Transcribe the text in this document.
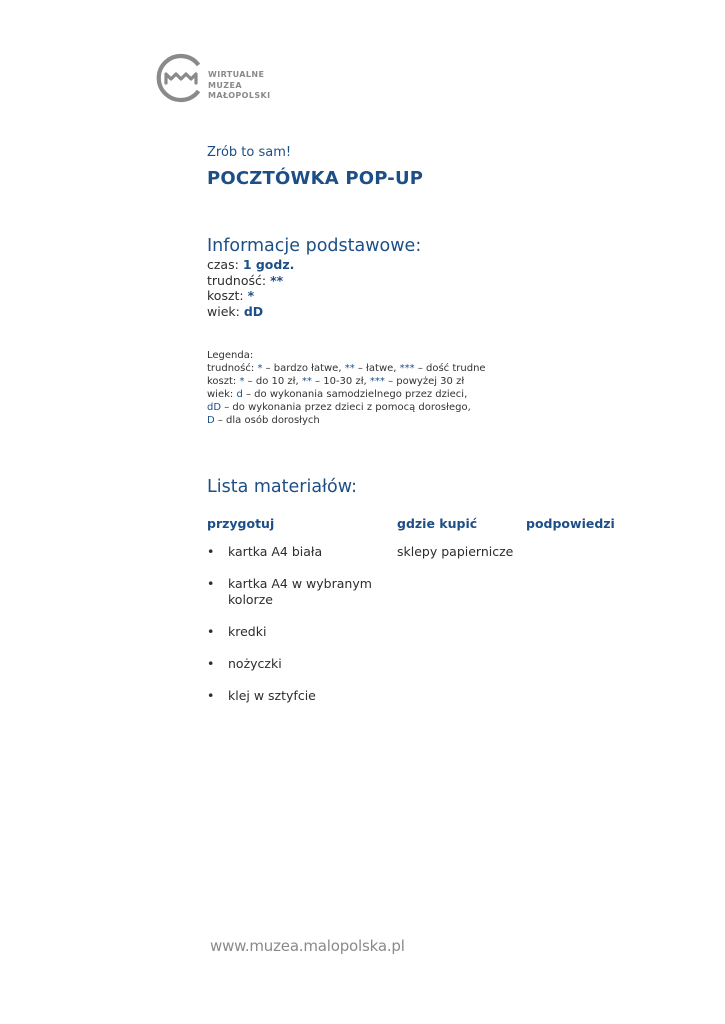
WIRTUALNE
MUZEA
MAŁOPOLSKI
Zrób to sam!
POCZTÓWKA POP-UP
Informacje podstawowe:
czas: 1 godz.
trudność: **
koszt: *
wiek: dD
Legenda:
trudność: * – bardzo łatwe, ** – łatwe, *** – dość trudne
koszt: * – do 10 zł, ** – 10-30 zł, *** – powyżej 30 zł
wiek: d – do wykonania samodzielnego przez dzieci,
dD – do wykonania przez dzieci z pomocą dorosłego,
D – dla osób dorosłych
Lista materiałów:
przygotuj	gdzie kupić	podpowiedzi
• kartka A4 biała
• kartka A4 w wybranym kolorze
• kredki
• nożyczki
• klej w sztyfcie
sklepy papiernicze
www.muzea.malopolska.pl
